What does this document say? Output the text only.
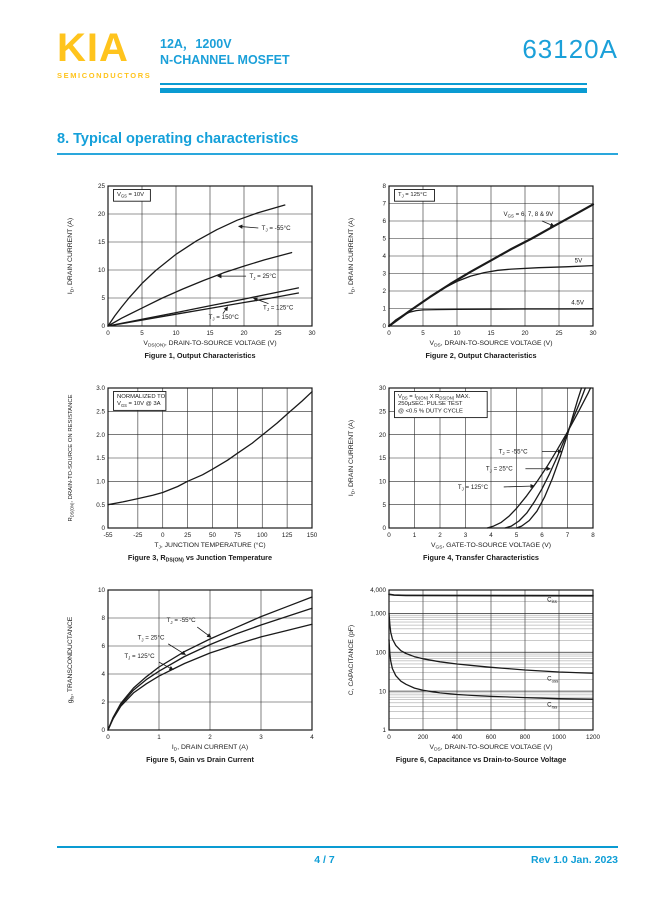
KIA
SEMICONDUCTORS
12A，1200V
N-CHANNEL MOSFET	63120A
8. Typical operating characteristics
$V_{GS} = 10V$
$T_J = -55^\circ C$
$T_J = 25^\circ C$
$T_J = 125^\circ C$
$T_J = 150^\circ C$
0	5	10	15	20	25	30
0
5
10
15
20
25
$V_{DS(ON)}$, DRAIN-TO-SOURCE VOLTAGE (V)
$I_D$, DRAIN CURRENT (A)
Figure 1, Output Characteristics
$T_J = 125^\circ C$
$V_{GS} = 6$, 7, 8 & 9V
5V
4.5V
0	5	10	15	20	25	30
0
1
2
3
4
5
6
7
8
$V_{DS}$, DRAIN-TO-SOURCE VOLTAGE (V)
$I_D$, DRAIN CURRENT (A)
Figure 2, Output Characteristics
NORMALIZED TO
$V_{GS} = 10V$ @ 3A
-55	-25	0	25	50	75	100 125 150
0
0.5
1.0
1.5
2.0
2.5
3.0
$T_J$, JUNCTION TEMPERATURE (°C)
$R_{DS(ON)}$, DRAIN-TO-SOURCE ON RESISTANCE
Figure 3, $R_{DS(ON)}$ vs Junction Temperature
$V_{DS} = I_{D(ON)}$ X $R_{DS(ON)}$ MAX.
250µSEC. PULSE TEST
@ <0.5 % DUTY CYCLE
$T_J = -55^\circ C$
$T_J = 25^\circ C$
$T_J = 125^\circ C$
0	1	2	3	4	5	6	7	8
0
5
10
15
20
25
30
$V_{GS}$, GATE-TO-SOURCE VOLTAGE (V)
$I_D$, DRAIN CURRENT (A)
Figure 4, Transfer Characteristics
$T_J = -55^\circ C$
$T_J = 25^\circ C$
$T_J = 125^\circ C$
0	1	2	3	4
0
2
4
6
8
10
$I_D$, DRAIN CURRENT (A)
$g_{fs}$, TRANSCONDUCTANCE
Figure 5, Gain vs Drain Current
$C_{iss}$
$C_{oss}$
$C_{rss}$
0	200	400	600	800	1000	1200
1
10
100
1,000
4,000
$V_{DS}$, DRAIN-TO-SOURCE VOLTAGE (V)
C, CAPACITANCE (pF)
Figure 6, Capacitance vs Drain-to-Source Voltage
4 / 7	Rev 1.0 Jan. 2023
